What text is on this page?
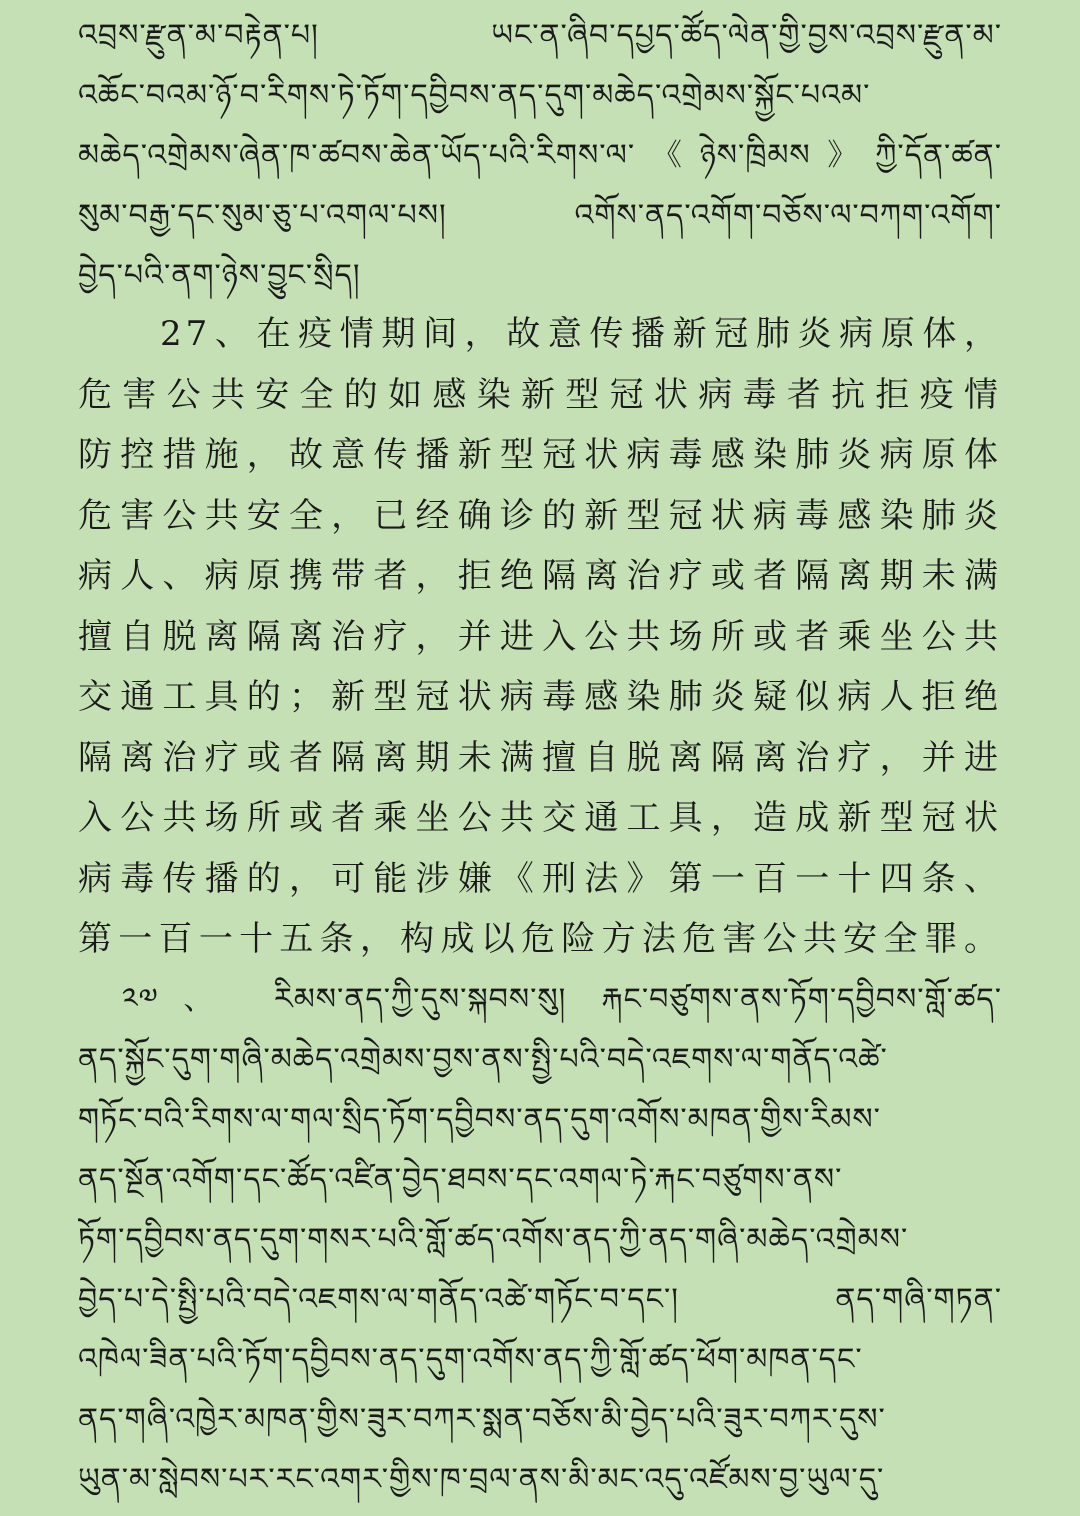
འབྲས་རྫུན་མ་བརྟེན་པ། ཡང་ན་ཞིབ་དཔྱད་ཚོད་ལེན་གྱི་བྱས་འབྲས་རྫུན་མ་
འཆོང་བའམ་ཉོ་བ་རིགས་ཏེ་ཏོག་དབྱིབས་ནད་དུག་མཆེད་འགྲེམས་སྐྱོང་པའམ་
མཆེད་འགྲེམས་ཞེན་ཁ་ཚབས་ཆེན་ཡོད་པའི་རིགས་ལ་《ཉེས་ཁྲིམས》ཀྱི་དོན་ཚན་
སུམ་བརྒྱ་དང་སུམ་ཅུ་པ་འགལ་པས། འགོས་ནད་འགོག་བཅོས་ལ་བཀག་འགོག་
བྱེད་པའི་ནག་ཉེས་བྱུང་སྲིད།
27、在疫情期间，故意传播新冠肺炎病原体，
危害公共安全的如感染新型冠状病毒者抗拒疫情
防控措施，故意传播新型冠状病毒感染肺炎病原体
危害公共安全，已经确诊的新型冠状病毒感染肺炎
病人、病原携带者，拒绝隔离治疗或者隔离期未满
擅自脱离隔离治疗，并进入公共场所或者乘坐公共
交通工具的；新型冠状病毒感染肺炎疑似病人拒绝
隔离治疗或者隔离期未满擅自脱离隔离治疗，并进
入公共场所或者乘坐公共交通工具，造成新型冠状
病毒传播的，可能涉嫌《刑法》第一百一十四条、
第一百一十五条，构成以危险方法危害公共安全罪。
༢༧、 རིམས་ནད་ཀྱི་དུས་སྐབས་སུ། རྐང་བཙུགས་ནས་ཏོག་དབྱིབས་གློ་ཚད་
ནད་སྐྱོང་དུག་གཞི་མཆེད་འགྲེམས་བྱས་ནས་སྤྱི་པའི་བདེ་འཇགས་ལ་གནོད་འཚེ་
གཏོང་བའི་རིགས་ལ་གལ་སྲིད་ཏོག་དབྱིབས་ནད་དུག་འགོས་མཁན་གྱིས་རིམས་
ནད་སྔོན་འགོག་དང་ཚོད་འཛིན་བྱེད་ཐབས་དང་འགལ་ཏེ་རྐང་བཙུགས་ནས་
ཏོག་དབྱིབས་ནད་དུག་གསར་པའི་གློ་ཚད་འགོས་ནད་ཀྱི་ནད་གཞི་མཆེད་འགྲེམས་
བྱེད་པ་དེ་སྤྱི་པའི་བདེ་འཇགས་ལ་གནོད་འཚེ་གཏོང་བ་དང་། ནད་གཞི་གཏན་
འཁེལ་ཟིན་པའི་ཏོག་དབྱིབས་ནད་དུག་འགོས་ནད་ཀྱི་གློ་ཚད་ཕོག་མཁན་དང་
ནད་གཞི་འཁྱེར་མཁན་གྱིས་ཟུར་བཀར་སྨན་བཅོས་མི་བྱེད་པའི་ཟུར་བཀར་དུས་
ཡུན་མ་སླེབས་པར་རང་འགར་གྱིས་ཁ་བྲལ་ནས་མི་མང་འདུ་འཛོམས་བྱ་ཡུལ་དུ་
